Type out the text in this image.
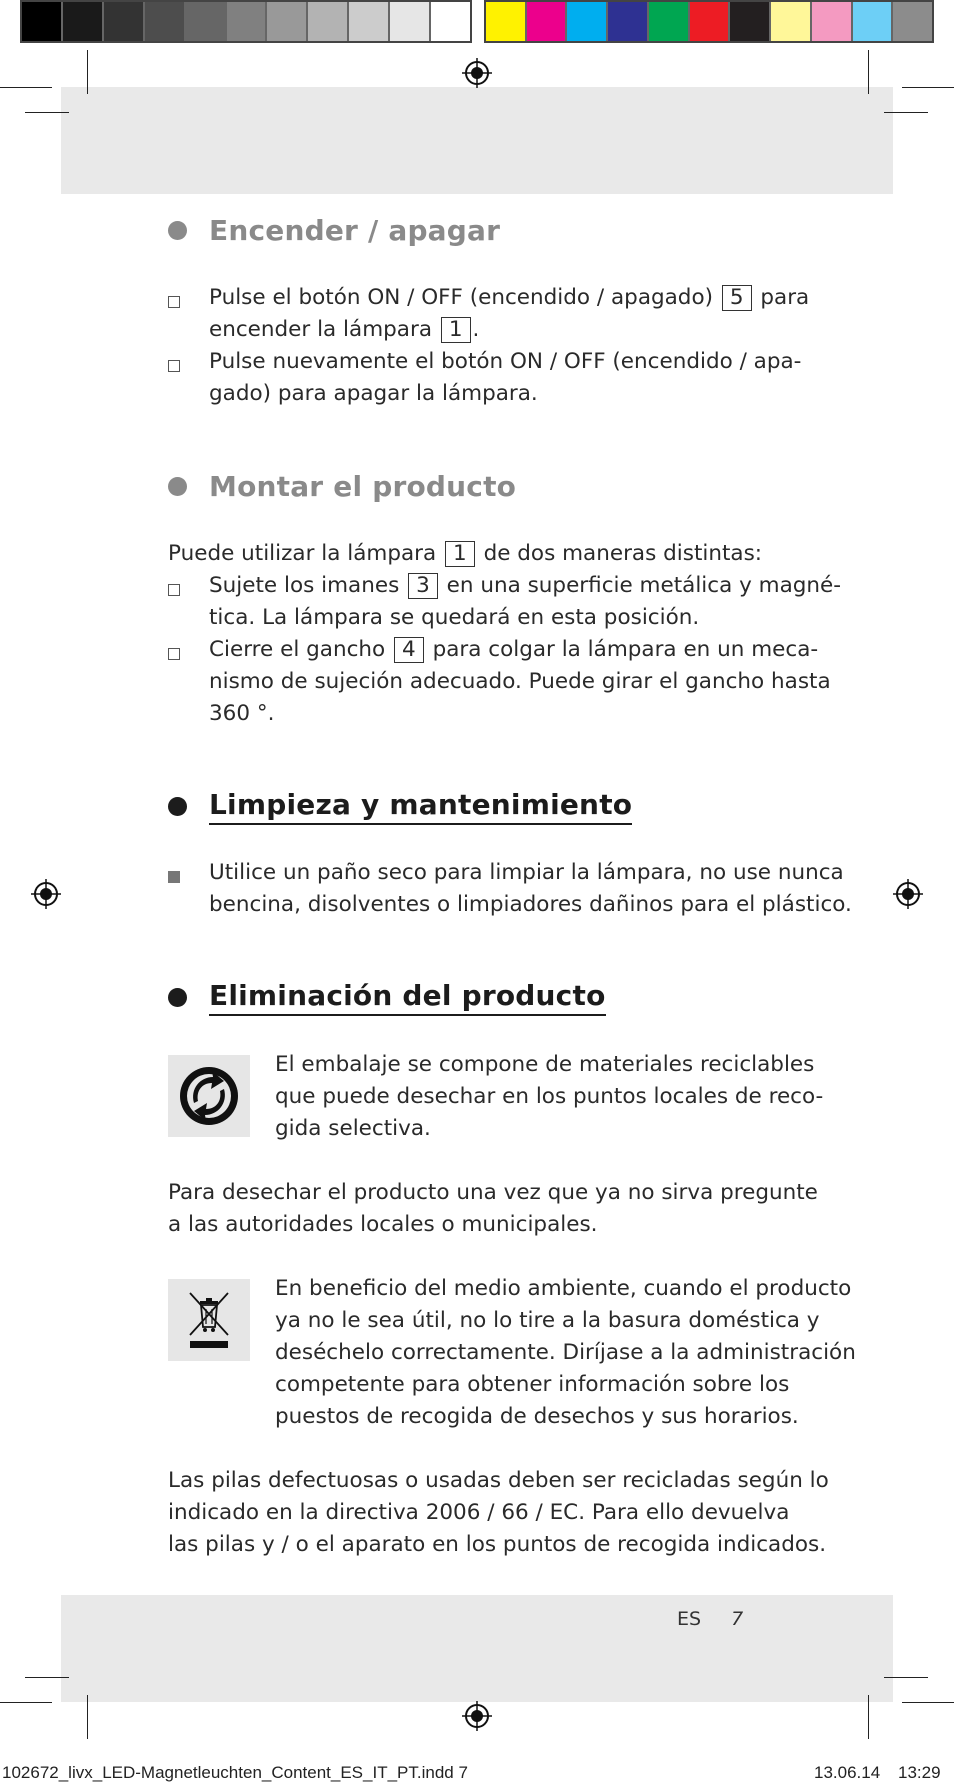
Encender / apagar
Pulse el botón ON / OFF (encendido / apagado) 5 para
encender la lámpara 1 .
Pulse nuevamente el botón ON / OFF (encendido / apa-
gado) para apagar la lámpara.
Montar el producto
Puede utilizar la lámpara 1 de dos maneras distintas:
Sujete los imanes 3 en una superficie metálica y magné-
tica. La lámpara se quedará en esta posición.
Cierre el gancho 4 para colgar la lámpara en un meca-
nismo de sujeción adecuado. Puede girar el gancho hasta
360 °.
Limpieza y mantenimiento
Utilice un paño seco para limpiar la lámpara, no use nunca
bencina, disolventes o limpiadores dañinos para el plástico.
Eliminación del producto
El embalaje se compone de materiales reciclables
que puede desechar en los puntos locales de reco-
gida selectiva.
Para desechar el producto una vez que ya no sirva pregunte
a las autoridades locales o municipales.
En beneficio del medio ambiente, cuando el producto
ya no le sea útil, no lo tire a la basura doméstica y
deséchelo correctamente. Diríjase a la administración
competente para obtener información sobre los
puestos de recogida de desechos y sus horarios.
Las pilas defectuosas o usadas deben ser recicladas según lo
indicado en la directiva 2006 / 66 / EC. Para ello devuelva
las pilas y / o el aparato en los puntos de recogida indicados.
ES 7
102672_livx_LED-Magnetleuchten_Content_ES_IT_PT.indd 7	13.06.14 13:29
